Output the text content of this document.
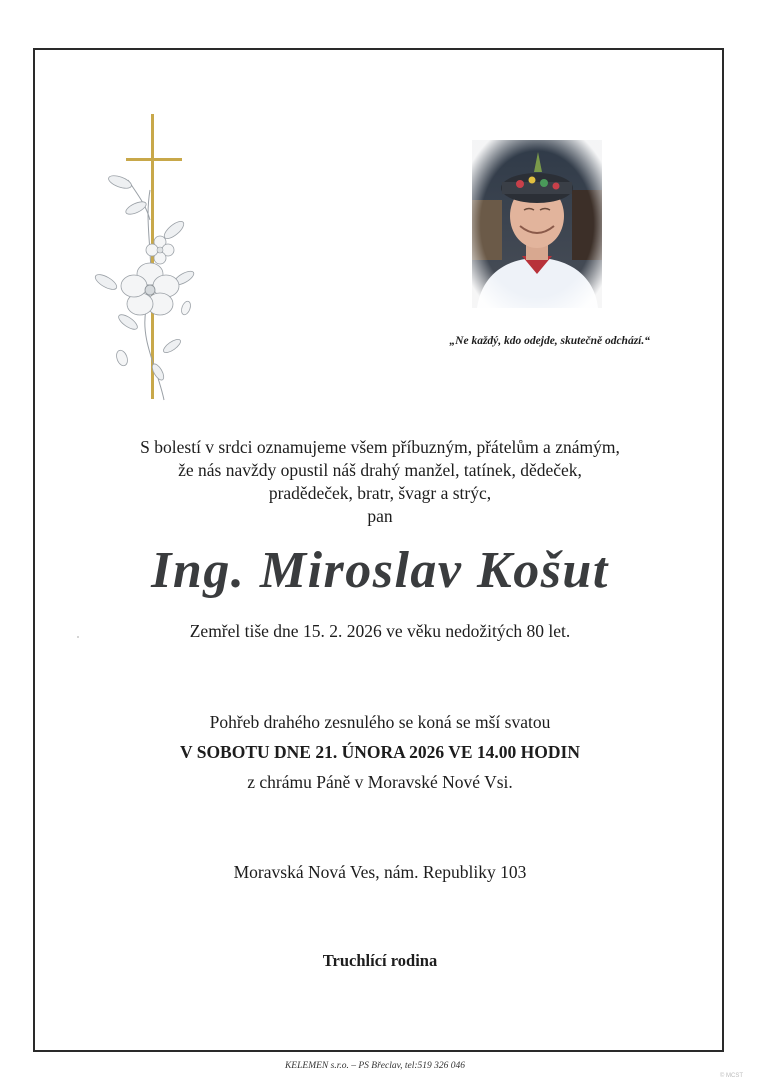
„Ne každý, kdo odejde, skutečně odchází.“
S bolestí v srdci oznamujeme všem příbuzným, přátelům a známým,
že nás navždy opustil náš drahý manžel, tatínek, dědeček,
pradědeček, bratr, švagr a strýc,
pan
Ing. Miroslav Košut
Zemřel tiše dne 15. 2. 2026 ve věku nedožitých 80 let.
Pohřeb drahého zesnulého se koná se mší svatou
V SOBOTU DNE 21. ÚNORA 2026 VE 14.00 HODIN
z chrámu Páně v Moravské Nové Vsi.
Moravská Nová Ves, nám. Republiky 103
Truchlící rodina
KELEMEN s.r.o. – PS Břeclav, tel:519 326 046
© MCST
